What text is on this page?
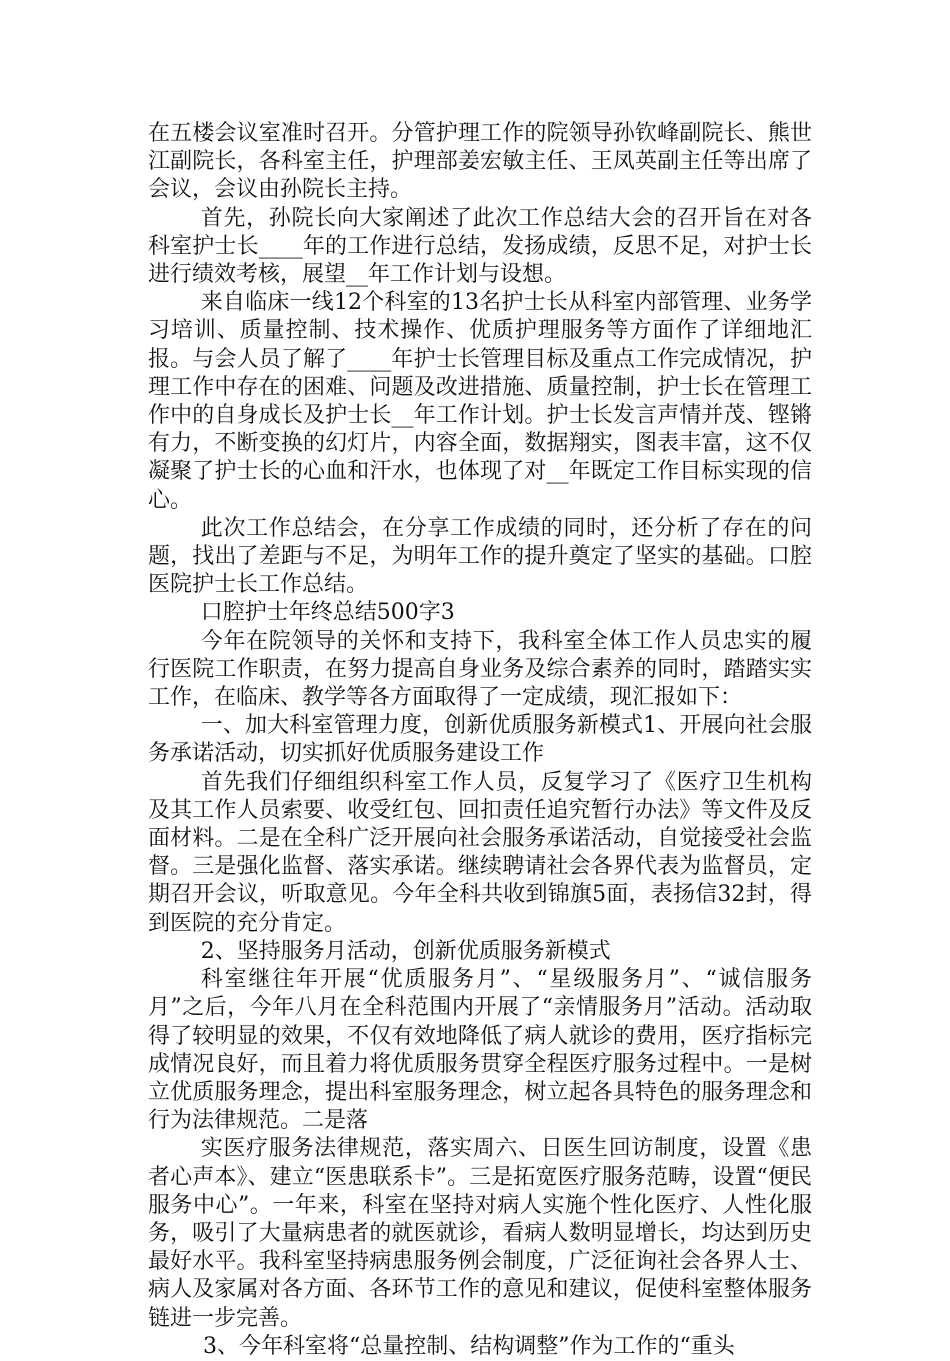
在五楼会议室准时召开。分管护理工作的院领导孙钦峰副院长、熊世江副院长，各科室主任，护理部姜宏敏主任、王凤英副主任等出席了会议，会议由孙院长主持。

首先，孙院长向大家阐述了此次工作总结大会的召开旨在对各科室护士长____年的工作进行总结，发扬成绩，反思不足，对护士长进行绩效考核，展望__年工作计划与设想。

来自临床一线12个科室的13名护士长从科室内部管理、业务学习培训、质量控制、技术操作、优质护理服务等方面作了详细地汇报。与会人员了解了____年护士长管理目标及重点工作完成情况，护理工作中存在的困难、问题及改进措施、质量控制，护士长在管理工作中的自身成长及护士长__年工作计划。护士长发言声情并茂、铿锵有力，不断变换的幻灯片，内容全面，数据翔实，图表丰富，这不仅凝聚了护士长的心血和汗水，也体现了对__年既定工作目标实现的信心。

此次工作总结会，在分享工作成绩的同时，还分析了存在的问题，找出了差距与不足，为明年工作的提升奠定了坚实的基础。口腔医院护士长工作总结。

口腔护士年终总结500字3

今年在院领导的关怀和支持下，我科室全体工作人员忠实的履行医院工作职责，在努力提高自身业务及综合素养的同时，踏踏实实工作，在临床、教学等各方面取得了一定成绩，现汇报如下：

一、加大科室管理力度，创新优质服务新模式1、开展向社会服务承诺活动，切实抓好优质服务建设工作

首先我们仔细组织科室工作人员，反复学习了《医疗卫生机构及其工作人员索要、收受红包、回扣责任追究暂行办法》等文件及反面材料。二是在全科广泛开展向社会服务承诺活动，自觉接受社会监督。三是强化监督、落实承诺。继续聘请社会各界代表为监督员，定期召开会议，听取意见。今年全科共收到锦旗5面，表扬信32封，得到医院的充分肯定。

2、坚持服务月活动，创新优质服务新模式

科室继往年开展“优质服务月”、“星级服务月”、“诚信服务月”之后，今年八月在全科范围内开展了“亲情服务月”活动。活动取得了较明显的效果，不仅有效地降低了病人就诊的费用，医疗指标完成情况良好，而且着力将优质服务贯穿全程医疗服务过程中。一是树立优质服务理念，提出科室服务理念，树立起各具特色的服务理念和行为法律规范。二是落

实医疗服务法律规范，落实周六、日医生回访制度，设置《患者心声本》、建立“医患联系卡”。三是拓宽医疗服务范畴，设置“便民服务中心”。一年来，科室在坚持对病人实施个性化医疗、人性化服务，吸引了大量病患者的就医就诊，看病人数明显增长，均达到历史最好水平。我科室坚持病患服务例会制度，广泛征询社会各界人士、病人及家属对各方面、各环节工作的意见和建议，促使科室整体服务链进一步完善。

3、今年科室将“总量控制、结构调整”作为工作的“重头
